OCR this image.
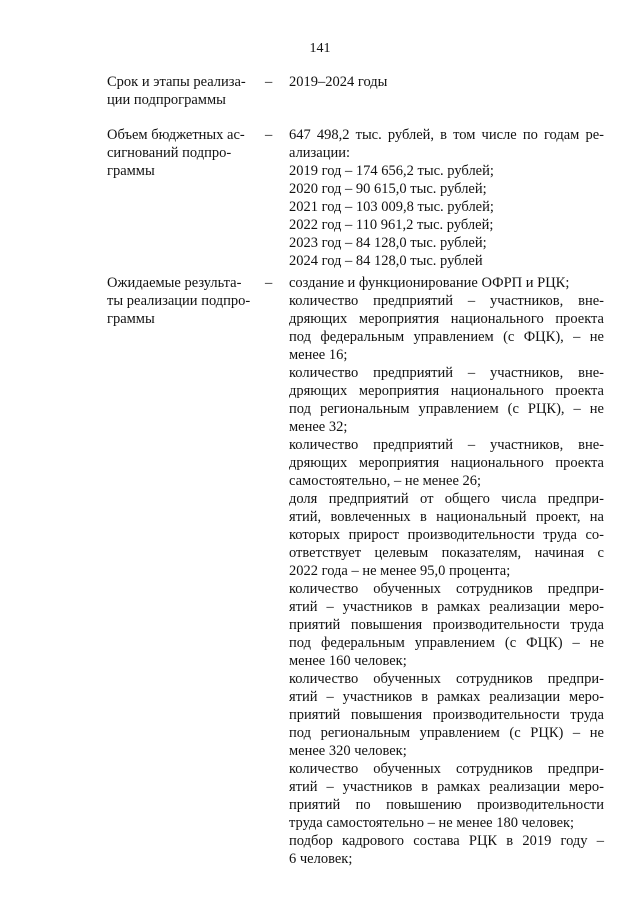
141
Срок и этапы реализа-
ции подпрограммы
– 2019–2024 годы
Объем бюджетных ас-
сигнований подпро-
граммы
– 647 498,2 тыс. рублей, в том числе по годам ре-
ализации:
2019 год – 174 656,2 тыс. рублей;
2020 год – 90 615,0 тыс. рублей;
2021 год – 103 009,8 тыс. рублей;
2022 год – 110 961,2 тыс. рублей;
2023 год – 84 128,0 тыс. рублей;
2024 год – 84 128,0 тыс. рублей
Ожидаемые результа-
ты реализации подпро-
граммы
– создание и функционирование ОФРП и РЦК;
количество предприятий – участников, вне-
дряющих мероприятия национального проекта
под федеральным управлением (с ФЦК), – не
менее 16;
количество предприятий – участников, вне-
дряющих мероприятия национального проекта
под региональным управлением (с РЦК), – не
менее 32;
количество предприятий – участников, вне-
дряющих мероприятия национального проекта
самостоятельно, – не менее 26;
доля предприятий от общего числа предпри-
ятий, вовлеченных в национальный проект, на
которых прирост производительности труда со-
ответствует целевым показателям, начиная с
2022 года – не менее 95,0 процента;
количество обученных сотрудников предпри-
ятий – участников в рамках реализации меро-
приятий повышения производительности труда
под федеральным управлением (с ФЦК) – не
менее 160 человек;
количество обученных сотрудников предпри-
ятий – участников в рамках реализации меро-
приятий повышения производительности труда
под региональным управлением (с РЦК) – не
менее 320 человек;
количество обученных сотрудников предпри-
ятий – участников в рамках реализации меро-
приятий по повышению производительности
труда самостоятельно – не менее 180 человек;
подбор кадрового состава РЦК в 2019 году –
6 человек;
